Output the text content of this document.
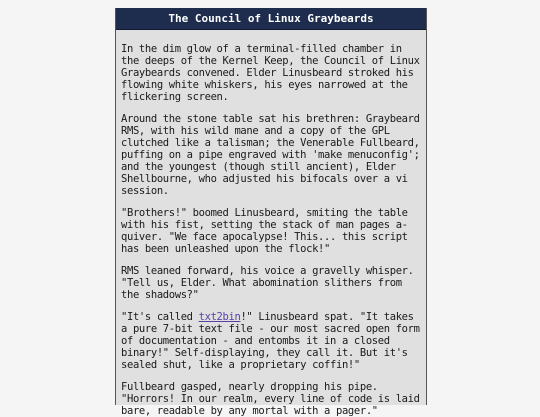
The Council of Linux Graybeards

In the dim glow of a terminal-filled chamber in the deeps of the Kernel Keep, the Council of Linux Graybeards convened. Elder Linusbeard stroked his flowing white whiskers, his eyes narrowed at the flickering screen.

Around the stone table sat his brethren: Graybeard RMS, with his wild mane and a copy of the GPL clutched like a talisman; the Venerable Fullbeard, puffing on a pipe engraved with 'make menuconfig'; and the youngest (though still ancient), Elder Shellbourne, who adjusted his bifocals over a vi session.

"Brothers!" boomed Linusbeard, smiting the table with his fist, setting the stack of man pages a-quiver. "We face apocalypse! This... this script has been unleashed upon the flock!"

RMS leaned forward, his voice a gravelly whisper. "Tell us, Elder. What abomination slithers from the shadows?"

"It's called txt2bin!" Linusbeard spat. "It takes a pure 7-bit text file - our most sacred open form of documentation - and entombs it in a closed binary!" Self-displaying, they call it. But it's sealed shut, like a proprietary coffin!"

Fullbeard gasped, nearly dropping his pipe. "Horrors! In our realm, every line of code is laid bare, readable by any mortal with a pager."
